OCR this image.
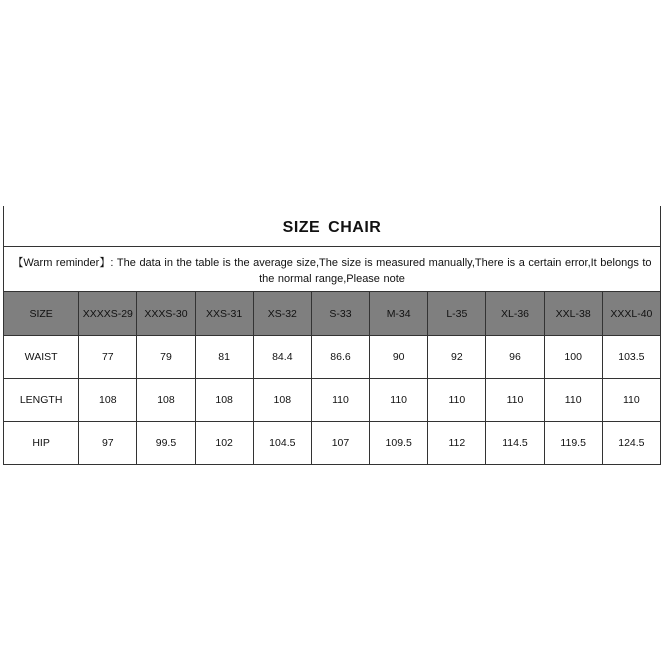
SIZE CHAIR
【Warm reminder】: The data in the table is the average size,The size is measured manually,There is a certain error,It belongs to the normal range,Please note
SIZE	XXXXS-29	XXXS-30	XXS-31	XS-32	S-33	M-34	L-35	XL-36	XXL-38	XXXL-40
WAIST	77	79	81	84.4	86.6	90	92	96	100	103.5
LENGTH	108	108	108	108	110	110	110	110	110	110
HIP	97	99.5	102	104.5	107	109.5	112	114.5	119.5	124.5
